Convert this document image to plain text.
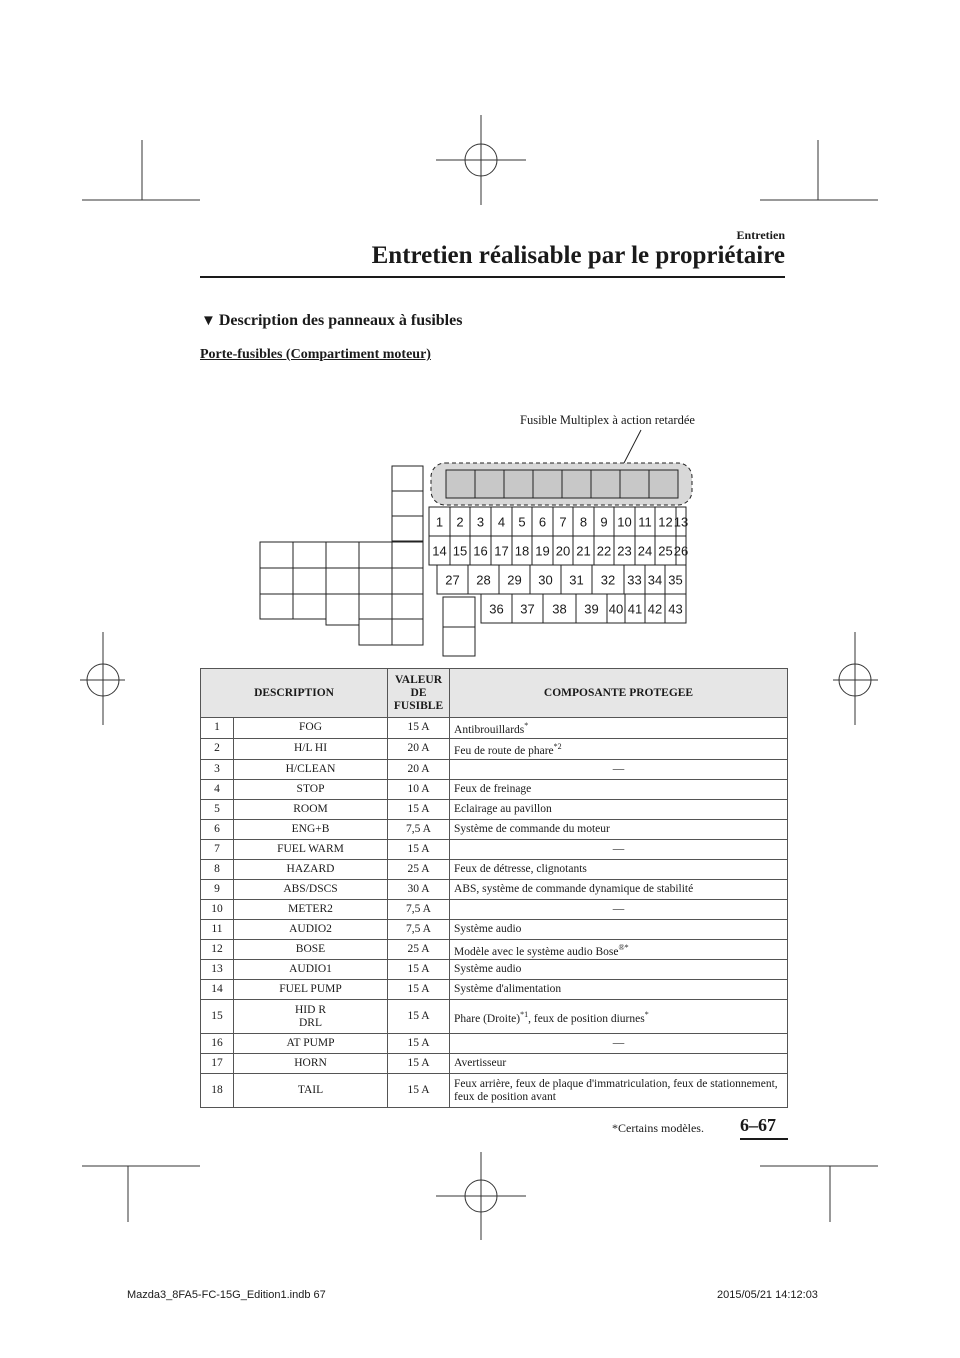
Entretien
Entretien réalisable par le propriétaire
▼ Description des panneaux à fusibles
Porte-fusibles (Compartiment moteur)
Fusible Multiplex à action retardée
1 2 3 4 5 6 7 8 9 10 11 12 13
14 15 16 17 18 19 20 21 22 23 24 25 26
27 28 29 30 31 32 33 34 35
36 37 38 39 40 41 42 43
DESCRIPTION		VALEUR
DE
FUSIBLE	COMPOSANTE PROTEGEE
1	FOG	15 A	Antibrouillards*
2	H/L HI	20 A	Feu de route de phare$^{*2}$
3	H/CLEAN	20 A	—
4	STOP	10 A	Feux de freinage
5	ROOM	15 A	Eclairage au pavillon
6	ENG+B	7,5 A	Système de commande du moteur
7	FUEL WARM	15 A	—
8	HAZARD	25 A	Feux de détresse, clignotants
9	ABS/DSCS	30 A	ABS, système de commande dynamique de stabilité
10	METER2	7,5 A	—
11	AUDIO2	7,5 A	Système audio
12	BOSE	25 A	Modèle avec le système audio Bose®*
13	AUDIO1	15 A	Système audio
14	FUEL PUMP	15 A	Système d'alimentation
15	HID R
DRL	15 A	Phare (Droite)$^{*1}$, feux de position diurnes*
16	AT PUMP	15 A	—
17	HORN	15 A	Avertisseur
18	TAIL	15 A	Feux arrière, feux de plaque d'immatriculation, feux de stationnement, feux de position avant
*Certains modèles. 6–67
Mazda3_8FA5-FC-15G_Edition1.indb 67	2015/05/21 14:12:03
